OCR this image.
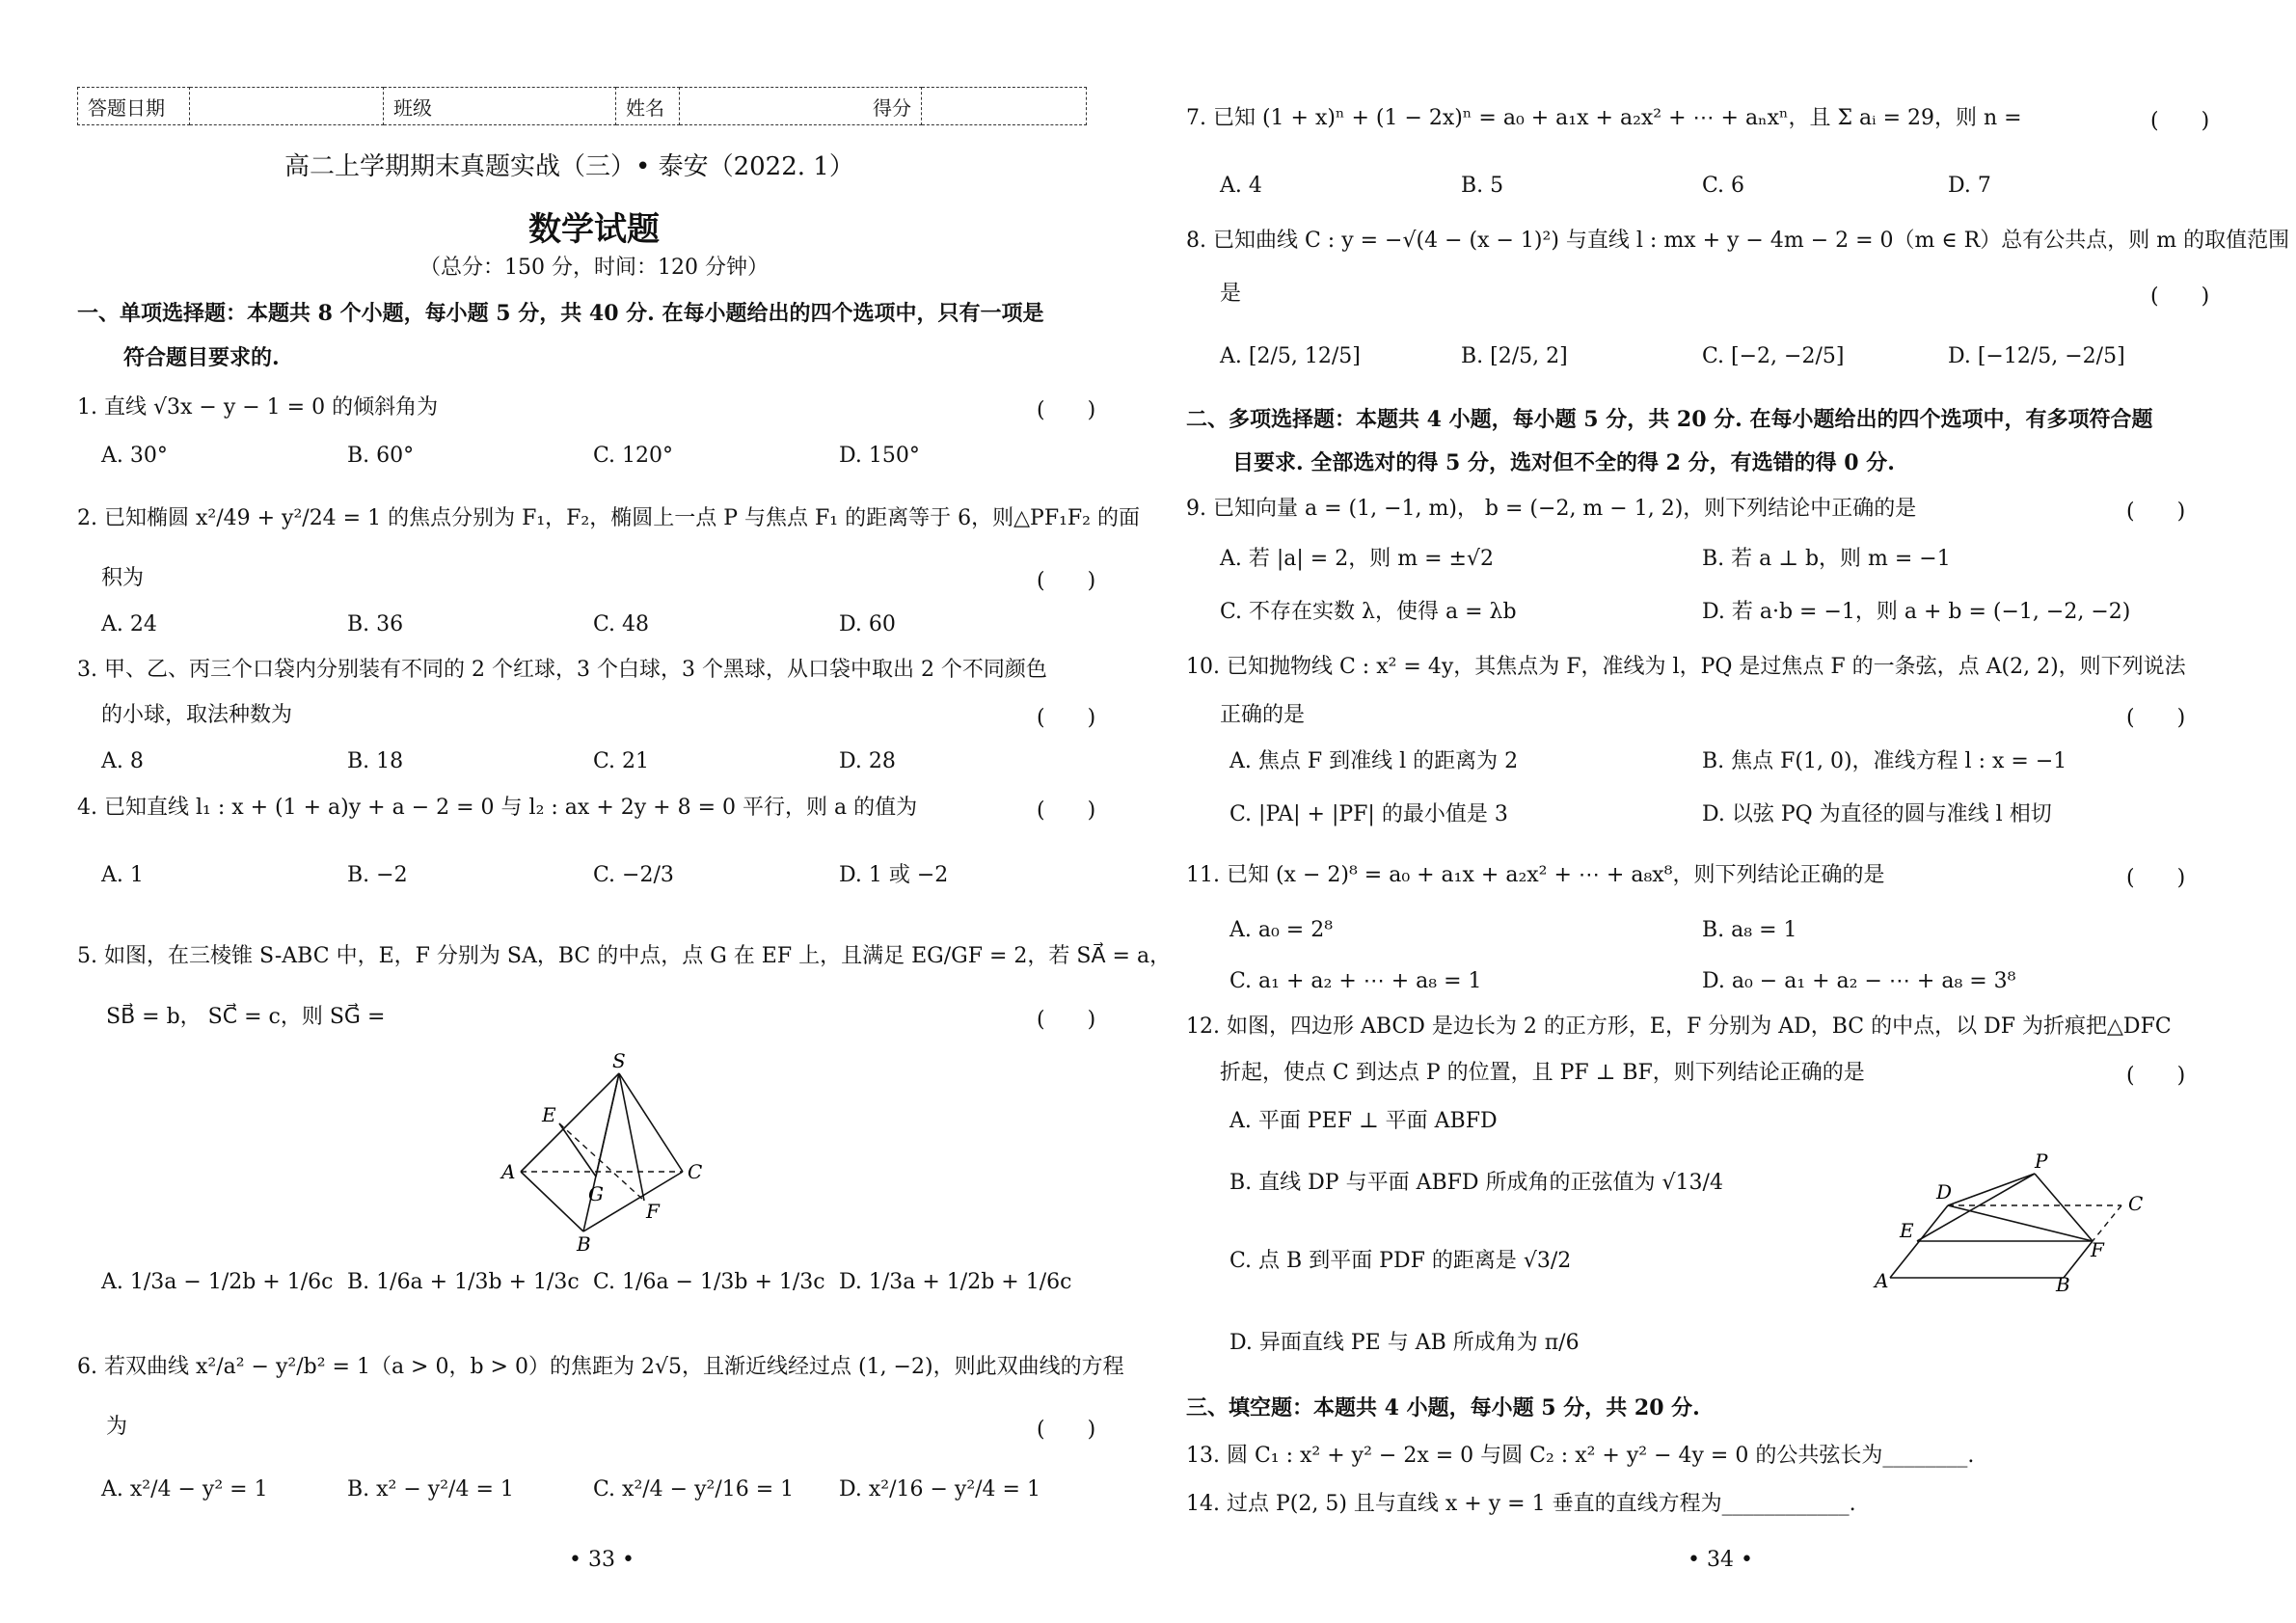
答题日期		班级	姓名	得分	
高二上学期期末真题实战（三）• 泰安（2022. 1）
数学试题
（总分：150 分，时间：120 分钟）
一、单项选择题：本题共 8 个小题，每小题 5 分，共 40 分. 在每小题给出的四个选项中，只有一项是
符合题目要求的.
1. 直线 √3x − y − 1 = 0 的倾斜角为	(　　)
A. 30°	B. 60°	C. 120°	D. 150°
2. 已知椭圆 x²/49 + y²/24 = 1 的焦点分别为 F₁，F₂，椭圆上一点 P 与焦点 F₁ 的距离等于 6，则△PF₁F₂ 的面
积为	(　　)
A. 24	B. 36	C. 48	D. 60
3. 甲、乙、丙三个口袋内分别装有不同的 2 个红球，3 个白球，3 个黑球，从口袋中取出 2 个不同颜色
的小球，取法种数为	(　　)
A. 8	B. 18	C. 21	D. 28
4. 已知直线 l₁ : x + (1 + a)y + a − 2 = 0 与 l₂ : ax + 2y + 8 = 0 平行，则 a 的值为	(　　)
A. 1	B. −2	C. −2/3	D. 1 或 −2
5. 如图，在三棱锥 S-ABC 中，E，F 分别为 SA，BC 的中点，点 G 在 EF 上，且满足 EG/GF = 2，若 SA⃗ = a，
SB⃗ = b， SC⃗ = c，则 SG⃗ =	(　　)
S
E
A
G
C
F
B
A. 1/3a − 1/2b + 1/6c B. 1/6a + 1/3b + 1/3c C. 1/6a − 1/3b + 1/3c D. 1/3a + 1/2b + 1/6c
6. 若双曲线 x²/a² − y²/b² = 1（a > 0，b > 0）的焦距为 2√5，且渐近线经过点 (1, −2)，则此双曲线的方程
为	(　　)
A. x²/4 − y² = 1	B. x² − y²/4 = 1	C. x²/4 − y²/16 = 1 D. x²/16 − y²/4 = 1
• 33 •
7. 已知 (1 + x)ⁿ + (1 − 2x)ⁿ = a₀ + a₁x + a₂x² + ⋯ + aₙxⁿ，且 Σ aᵢ = 29，则 n =	(　　)
A. 4	B. 5	C. 6	D. 7
8. 已知曲线 C : y = −√(4 − (x − 1)²) 与直线 l : mx + y − 4m − 2 = 0（m ∈ R）总有公共点，则 m 的取值范围
是	(　　)
A. [2/5, 12/5]	B. [2/5, 2]	C. [−2, −2/5]	D. [−12/5, −2/5]
二、多项选择题：本题共 4 小题，每小题 5 分，共 20 分. 在每小题给出的四个选项中，有多项符合题
目要求. 全部选对的得 5 分，选对但不全的得 2 分，有选错的得 0 分.
9. 已知向量 a = (1, −1, m)， b = (−2, m − 1, 2)，则下列结论中正确的是	(　　)
A. 若 |a| = 2，则 m = ±√2	B. 若 a ⊥ b，则 m = −1
C. 不存在实数 λ，使得 a = λb	D. 若 a·b = −1，则 a + b = (−1, −2, −2)
10. 已知抛物线 C : x² = 4y，其焦点为 F，准线为 l，PQ 是过焦点 F 的一条弦，点 A(2, 2)，则下列说法
正确的是	(　　)
A. 焦点 F 到准线 l 的距离为 2	B. 焦点 F(1, 0)，准线方程 l : x = −1
C. |PA| + |PF| 的最小值是 3	D. 以弦 PQ 为直径的圆与准线 l 相切
11. 已知 (x − 2)⁸ = a₀ + a₁x + a₂x² + ⋯ + a₈x⁸，则下列结论正确的是	(　　)
A. a₀ = 2⁸	B. a₈ = 1
C. a₁ + a₂ + ⋯ + a₈ = 1	D. a₀ − a₁ + a₂ − ⋯ + a₈ = 3⁸
12. 如图，四边形 ABCD 是边长为 2 的正方形，E，F 分别为 AD，BC 的中点，以 DF 为折痕把△DFC
折起，使点 C 到达点 P 的位置，且 PF ⊥ BF，则下列结论正确的是	(　　)
A. 平面 PEF ⊥ 平面 ABFD
B. 直线 DP 与平面 ABFD 所成角的正弦值为 √13/4
C. 点 B 到平面 PDF 的距离是 √3/2
D. 异面直线 PE 与 AB 所成角为 π/6
D
P
C
E
F
A	B
三、填空题：本题共 4 小题，每小题 5 分，共 20 分.
13. 圆 C₁ : x² + y² − 2x = 0 与圆 C₂ : x² + y² − 4y = 0 的公共弦长为________.
14. 过点 P(2, 5) 且与直线 x + y = 1 垂直的直线方程为____________.
• 34 •
